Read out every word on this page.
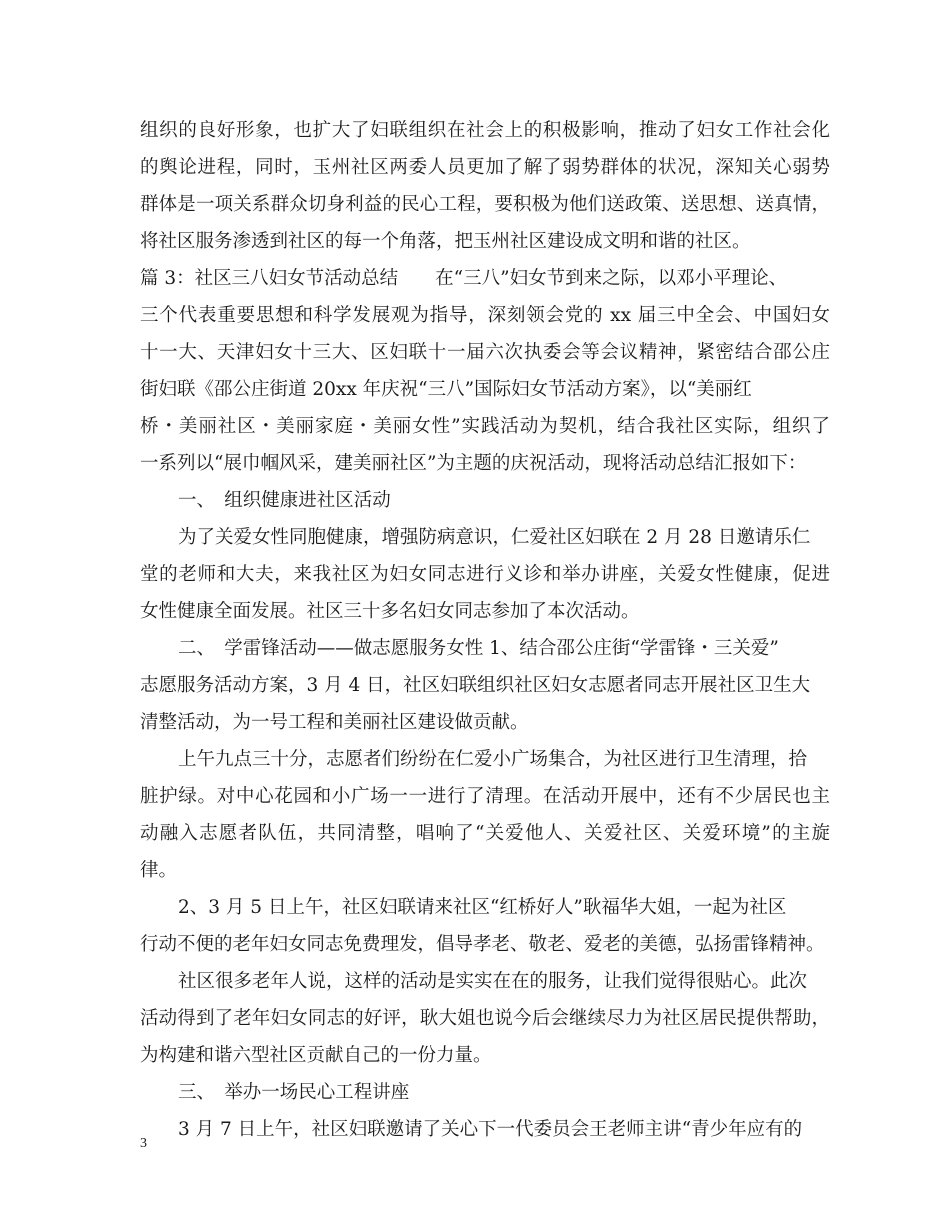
组织的良好形象，也扩大了妇联组织在社会上的积极影响，推动了妇女工作社会化
的舆论进程，同时，玉州社区两委人员更加了解了弱势群体的状况，深知关心弱势
群体是一项关系群众切身利益的民心工程，要积极为他们送政策、送思想、送真情，
将社区服务渗透到社区的每一个角落，把玉州社区建设成文明和谐的社区。
篇 3：社区三八妇女节活动总结　　在“三八”妇女节到来之际，以邓小平理论、
三个代表重要思想和科学发展观为指导，深刻领会党的 xx 届三中全会、中国妇女
十一大、天津妇女十三大、区妇联十一届六次执委会等会议精神，紧密结合邵公庄
街妇联《邵公庄街道 20xx 年庆祝“三八”国际妇女节活动方案》，以“美丽红
桥・美丽社区・美丽家庭・美丽女性”实践活动为契机，结合我社区实际，组织了
一系列以“展巾帼风采，建美丽社区”为主题的庆祝活动，现将活动总结汇报如下：
一、　组织健康进社区活动
为了关爱女性同胞健康，增强防病意识，仁爱社区妇联在 2 月 28 日邀请乐仁
堂的老师和大夫，来我社区为妇女同志进行义诊和举办讲座，关爱女性健康，促进
女性健康全面发展。社区三十多名妇女同志参加了本次活动。
二、　学雷锋活动——做志愿服务女性 1、结合邵公庄街“学雷锋・三关爱”
志愿服务活动方案，3 月 4 日，社区妇联组织社区妇女志愿者同志开展社区卫生大
清整活动，为一号工程和美丽社区建设做贡献。
上午九点三十分，志愿者们纷纷在仁爱小广场集合，为社区进行卫生清理，拾
脏护绿。对中心花园和小广场一一进行了清理。在活动开展中，还有不少居民也主
动融入志愿者队伍，共同清整，唱响了“关爱他人、关爱社区、关爱环境”的主旋
律。
2、3 月 5 日上午，社区妇联请来社区“红桥好人”耿福华大姐，一起为社区
行动不便的老年妇女同志免费理发，倡导孝老、敬老、爱老的美德，弘扬雷锋精神。
社区很多老年人说，这样的活动是实实在在的服务，让我们觉得很贴心。此次
活动得到了老年妇女同志的好评，耿大姐也说今后会继续尽力为社区居民提供帮助，
为构建和谐六型社区贡献自己的一份力量。
三、　举办一场民心工程讲座
3 月 7 日上午，社区妇联邀请了关心下一代委员会王老师主讲“青少年应有的
3
